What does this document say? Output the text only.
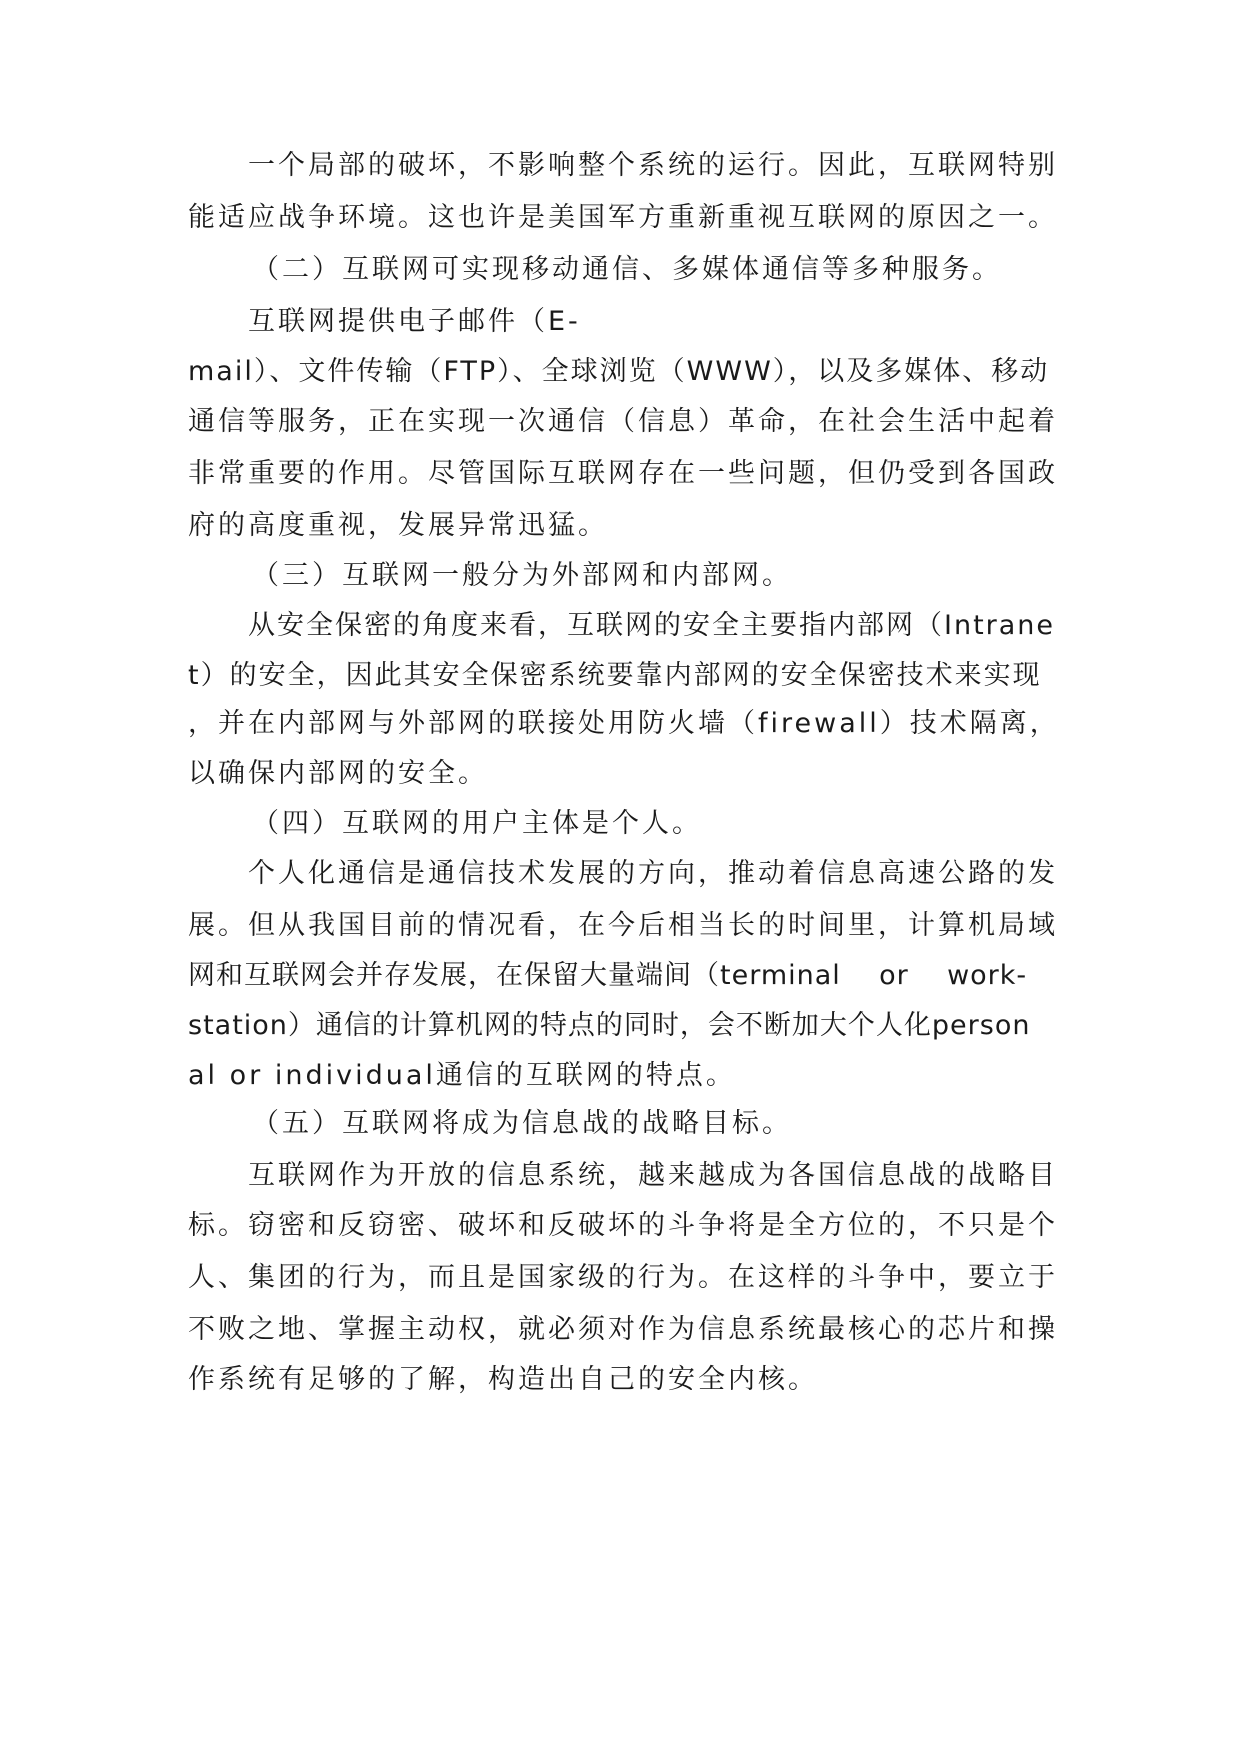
一个局部的破坏，不影响整个系统的运行。因此，互联网特别
能适应战争环境。这也许是美国军方重新重视互联网的原因之一。
（二）互联网可实现移动通信、多媒体通信等多种服务。
互联网提供电子邮件（E-
mail）、文件传输（FTP）、全球浏览（WWW），以及多媒体、移动
通信等服务，正在实现一次通信（信息）革命，在社会生活中起着
非常重要的作用。尽管国际互联网存在一些问题，但仍受到各国政
府的高度重视，发展异常迅猛。
（三）互联网一般分为外部网和内部网。
从安全保密的角度来看，互联网的安全主要指内部网（Intrane
t）的安全，因此其安全保密系统要靠内部网的安全保密技术来实现
，并在内部网与外部网的联接处用防火墙（firewall）技术隔离，
以确保内部网的安全。
（四）互联网的用户主体是个人。
个人化通信是通信技术发展的方向，推动着信息高速公路的发
展。但从我国目前的情况看，在今后相当长的时间里，计算机局域
网和互联网会并存发展，在保留大量端间（terminal    or    work-
station）通信的计算机网的特点的同时，会不断加大个人化person
al or individual通信的互联网的特点。
（五）互联网将成为信息战的战略目标。
互联网作为开放的信息系统，越来越成为各国信息战的战略目
标。窃密和反窃密、破坏和反破坏的斗争将是全方位的，不只是个
人、集团的行为，而且是国家级的行为。在这样的斗争中，要立于
不败之地、掌握主动权，就必须对作为信息系统最核心的芯片和操
作系统有足够的了解，构造出自己的安全内核。
